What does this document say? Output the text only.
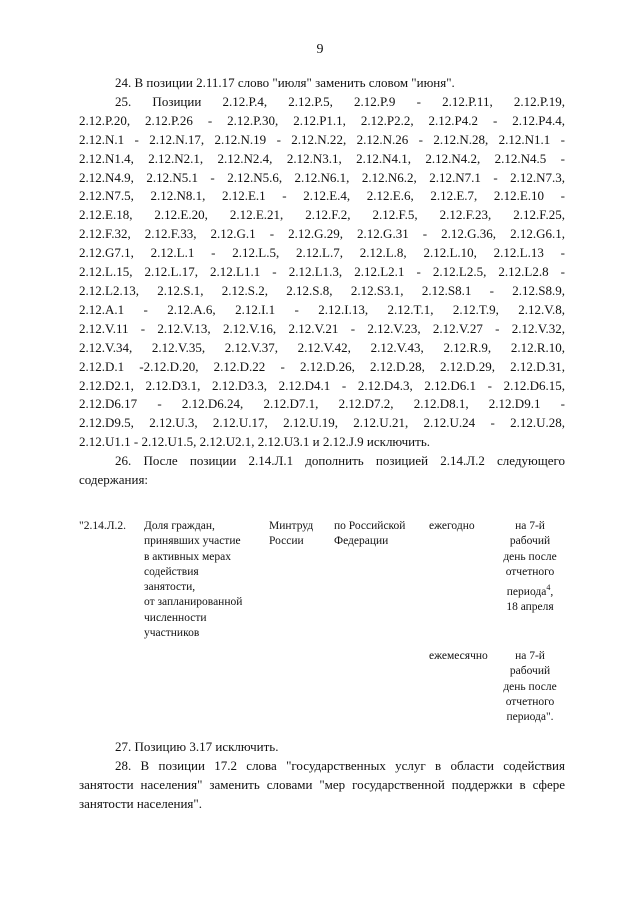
9

24. В позиции 2.11.17 слово "июля" заменить словом "июня".

25. Позиции 2.12.Р.4, 2.12.Р.5, 2.12.Р.9 - 2.12.Р.11, 2.12.Р.19,

2.12.Р.20, 2.12.Р.26 - 2.12.Р.30, 2.12.Р1.1, 2.12.Р2.2, 2.12.Р4.2 - 2.12.Р4.4,

2.12.N.1 - 2.12.N.17, 2.12.N.19 - 2.12.N.22, 2.12.N.26 - 2.12.N.28, 2.12.N1.1 -

2.12.N1.4, 2.12.N2.1, 2.12.N2.4, 2.12.N3.1, 2.12.N4.1, 2.12.N4.2, 2.12.N4.5 -

2.12.N4.9, 2.12.N5.1 - 2.12.N5.6, 2.12.N6.1, 2.12.N6.2, 2.12.N7.1 - 2.12.N7.3,

2.12.N7.5, 2.12.N8.1, 2.12.E.1 - 2.12.E.4, 2.12.E.6, 2.12.E.7, 2.12.E.10 -

2.12.E.18, 2.12.E.20, 2.12.E.21, 2.12.F.2, 2.12.F.5, 2.12.F.23, 2.12.F.25,

2.12.F.32, 2.12.F.33, 2.12.G.1 - 2.12.G.29, 2.12.G.31 - 2.12.G.36, 2.12.G6.1,

2.12.G7.1, 2.12.L.1 - 2.12.L.5, 2.12.L.7, 2.12.L.8, 2.12.L.10, 2.12.L.13 -

2.12.L.15, 2.12.L.17, 2.12.L1.1 - 2.12.L1.3, 2.12.L2.1 - 2.12.L2.5, 2.12.L2.8 -

2.12.L2.13, 2.12.S.1, 2.12.S.2, 2.12.S.8, 2.12.S3.1, 2.12.S8.1 - 2.12.S8.9,

2.12.A.1 - 2.12.A.6, 2.12.I.1 - 2.12.I.13, 2.12.T.1, 2.12.T.9, 2.12.V.8,

2.12.V.11 - 2.12.V.13, 2.12.V.16, 2.12.V.21 - 2.12.V.23, 2.12.V.27 - 2.12.V.32,

2.12.V.34, 2.12.V.35, 2.12.V.37, 2.12.V.42, 2.12.V.43, 2.12.R.9, 2.12.R.10,

2.12.D.1 -2.12.D.20, 2.12.D.22 - 2.12.D.26, 2.12.D.28, 2.12.D.29, 2.12.D.31,

2.12.D2.1, 2.12.D3.1, 2.12.D3.3, 2.12.D4.1 - 2.12.D4.3, 2.12.D6.1 - 2.12.D6.15,

2.12.D6.17 - 2.12.D6.24, 2.12.D7.1, 2.12.D7.2, 2.12.D8.1, 2.12.D9.1 -

2.12.D9.5, 2.12.U.3, 2.12.U.17, 2.12.U.19, 2.12.U.21, 2.12.U.24 - 2.12.U.28,

2.12.U1.1 - 2.12.U1.5, 2.12.U2.1, 2.12.U3.1 и 2.12.J.9 исключить.

26. После позиции 2.14.Л.1 дополнить позицией 2.14.Л.2 следующего содержания:

"2.14.Л.2. Доля граждан,
принявших участие
в активных мерах
содействия
занятости,
от запланированной
численности
участников
Минтруд
России
по Российской
Федерации
ежегодно	на 7-й
рабочий
день после
отчетного
периода$^4$,
18 апреля
ежемесячно	на 7-й
рабочий
день после
отчетного
периода".

27. Позицию 3.17 исключить.

28. В позиции 17.2 слова "государственных услуг в области содействия занятости населения" заменить словами "мер государственной поддержки в сфере занятости населения".
